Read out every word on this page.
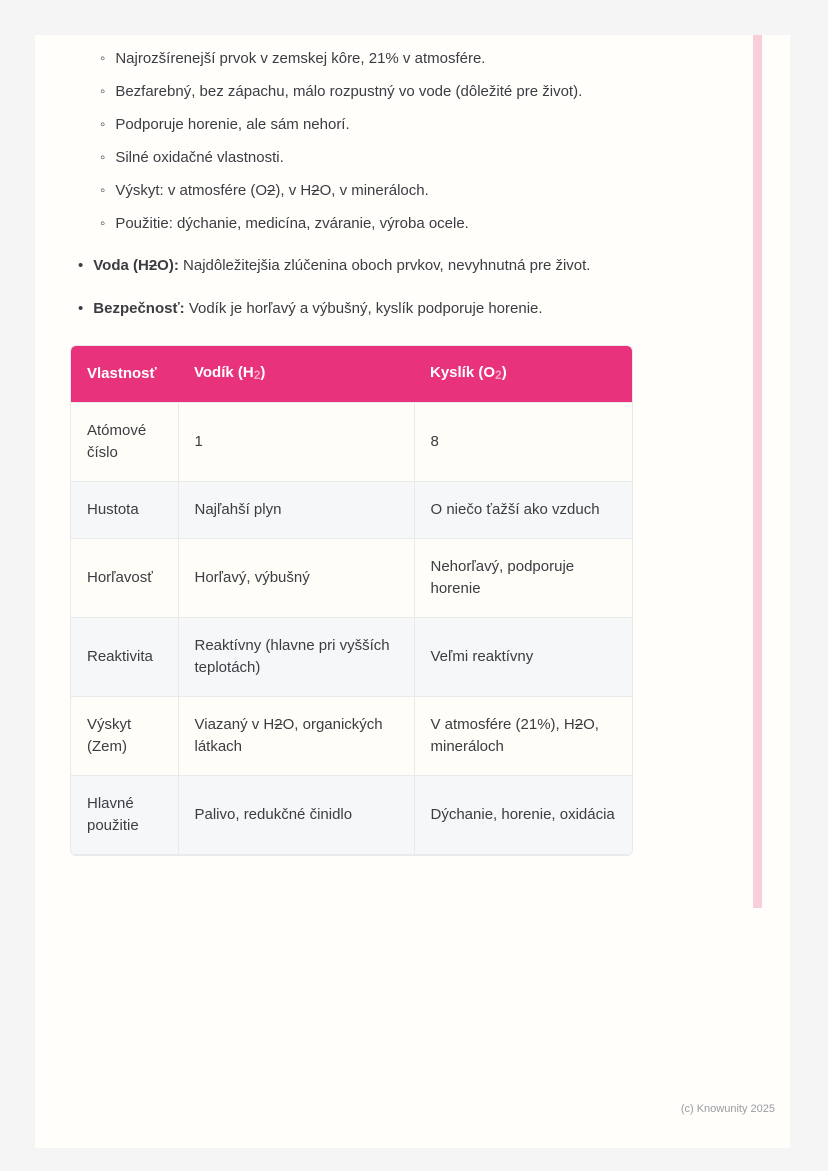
◦ Najrozšírenejší prvok v zemskej kôre, 21% v atmosfére.
◦ Bezfarebný, bez zápachu, málo rozpustný vo vode (dôležité pre život).
◦ Podporuje horenie, ale sám nehorí.
◦ Silné oxidačné vlastnosti.
◦ Výskyt: v atmosfére (O2), v H2O, v mineráloch.
◦ Použitie: dýchanie, medicína, zváranie, výroba ocele.
• Voda (H2O): Najdôležitejšia zlúčenina oboch prvkov, nevyhnutná pre život.
• Bezpečnosť: Vodík je horľavý a výbušný, kyslík podporuje horenie.
Vlastnosť	Vodík (H2)	Kyslík (O2)
Atómové číslo	1	8
Hustota	Najľahší plyn	O niečo ťažší ako vzduch
Horľavosť	Horľavý, výbušný	Nehorľavý, podporuje horenie
Reaktivita	Reaktívny (hlavne pri vyšších teplotách)	Veľmi reaktívny
Výskyt (Zem)	Viazaný v H2O, organických látkach	V atmosfére (21%), H2O, mineráloch
Hlavné použitie	Palivo, redukčné činidlo	Dýchanie, horenie, oxidácia
(c) Knowunity 2025
